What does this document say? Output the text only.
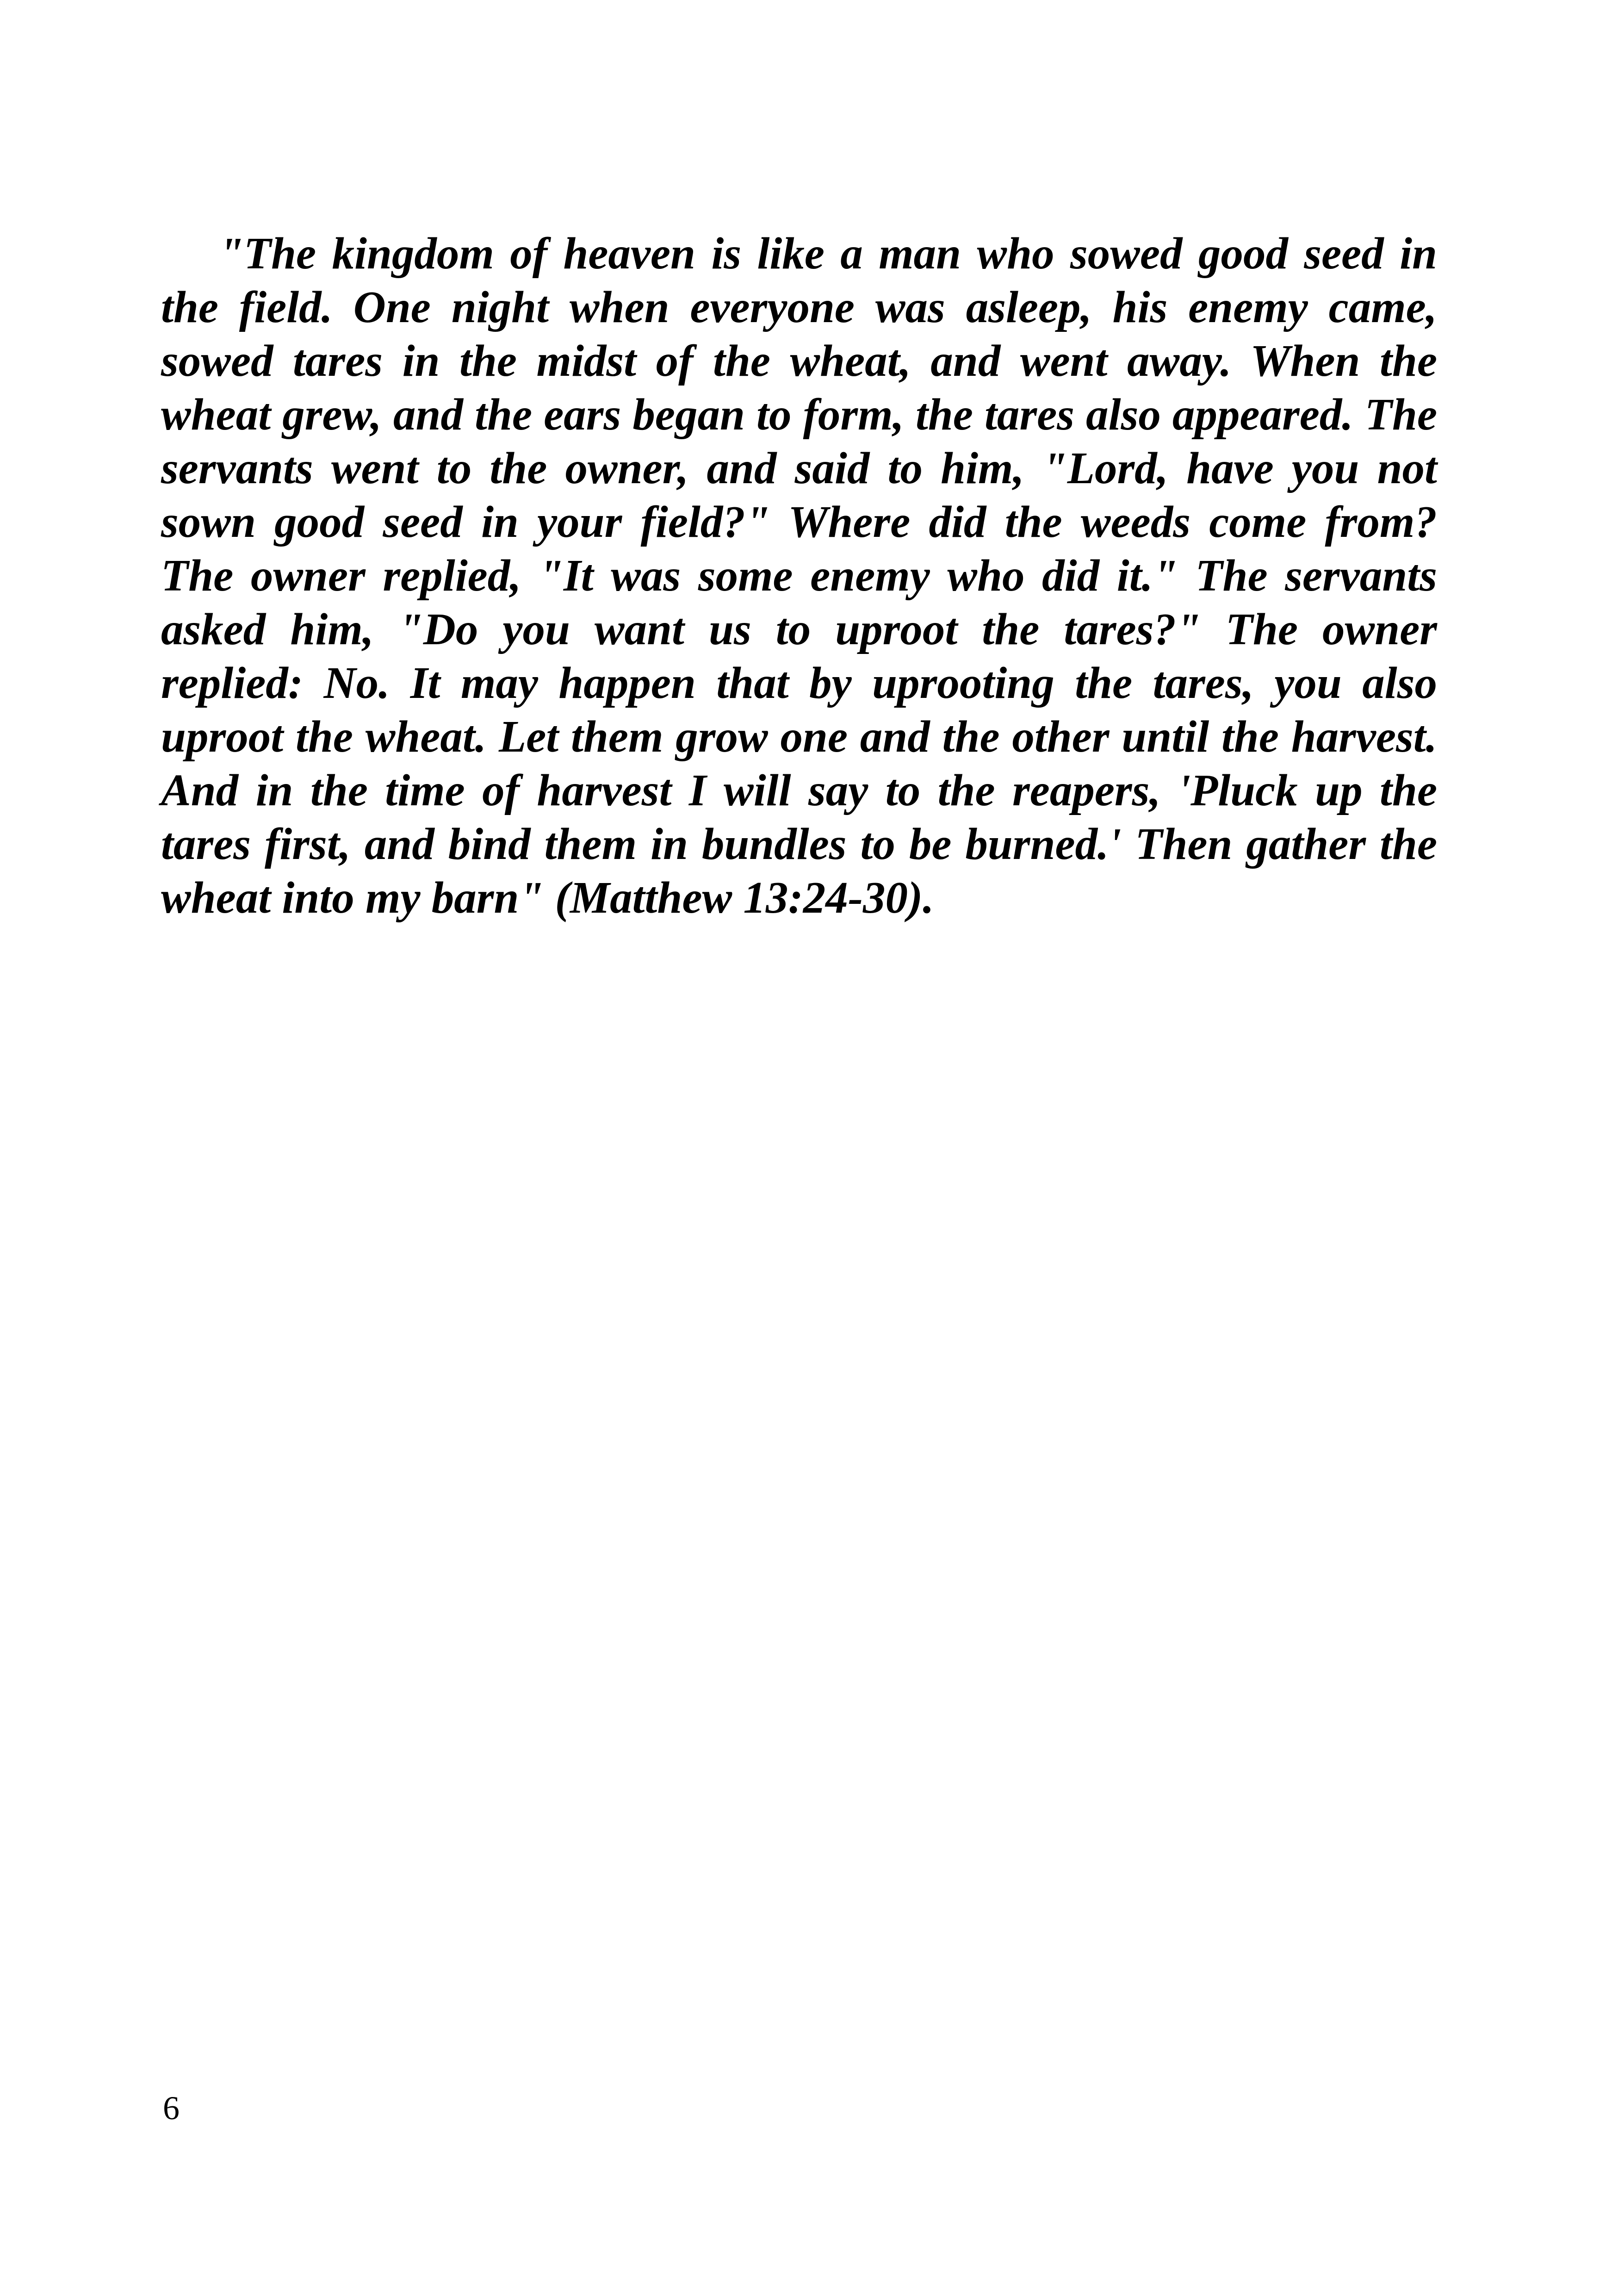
"The kingdom of heaven is like a man who sowed good seed in the field. One night when everyone was asleep, his enemy came, sowed tares in the midst of the wheat, and went away. When the wheat grew, and the ears began to form, the tares also appeared. The servants went to the owner, and said to him, "Lord, have you not sown good seed in your field?" Where did the weeds come from? The owner replied, "It was some enemy who did it." The servants asked him, "Do you want us to uproot the tares?" The owner replied: No. It may happen that by uprooting the tares, you also uproot the wheat. Let them grow one and the other until the harvest. And in the time of harvest I will say to the reapers, 'Pluck up the tares first, and bind them in bundles to be burned.' Then gather the wheat into my barn" (Matthew 13:24-30).

6
